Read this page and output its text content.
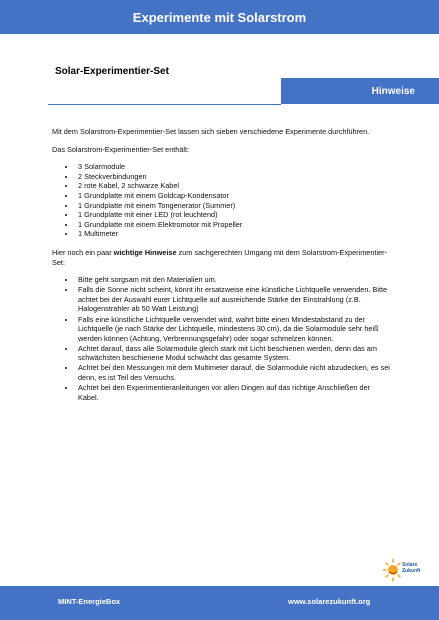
Experimente mit Solarstrom
Solar-Experimentier-Set
Hinweise

Mit dem Solarstrom-Experimentier-Set lassen sich sieben verschiedene Experimente durchführen.

Das Solarstrom-Experimentier-Set enthält:

• 3 Solarmodule
• 2 Steckverbindungen
• 2 rote Kabel, 2 schwarze Kabel
• 1 Grundplatte mit einem Goldcap-Kondensator
• 1 Grundplatte mit einem Tongenerator (Summer)
• 1 Grundplatte mit einer LED (rot leuchtend)
• 1 Grundplatte mit einem Elektromotor mit Propeller
• 1 Multimeter

Hier noch ein paar wichtige Hinweise zum sachgerechten Umgang mit dem Solarstrom-Experimentier-Set:

• Bitte geht sorgsam mit den Materialien um.
• Falls die Sonne nicht scheint, könnt ihr ersatzweise eine künstliche Lichtquelle verwenden. Bitte achtet bei der Auswahl eurer Lichtquelle auf ausreichende Stärke der Einstrahlung (z.B. Halogenstrahler ab 50 Watt Leistung)
• Falls eine künstliche Lichtquelle verwendet wird, wahrt bitte einen Mindestabstand zu der Lichtquelle (je nach Stärke der Lichtquelle, mindestens 30 cm), da die Solarmodule sehr heiß werden können (Achtung, Verbrennungsgefahr) oder sogar schmelzen können.
• Achtet darauf, dass alle Solarmodule gleich stark mit Licht beschienen werden, denn das am schwächsten beschienene Modul schwächt das gesamte System.
• Achtet bei den Messungen mit dem Multimeter darauf, die Solarmodule nicht abzudecken, es sei denn, es ist Teil des Versuchs.
• Achtet bei den Experimentieranleitungen vor allen Dingen auf das richtige Anschließen der Kabel.
Solare
Zukunft
MINT-EnergieBox	www.solarezukunft.org
